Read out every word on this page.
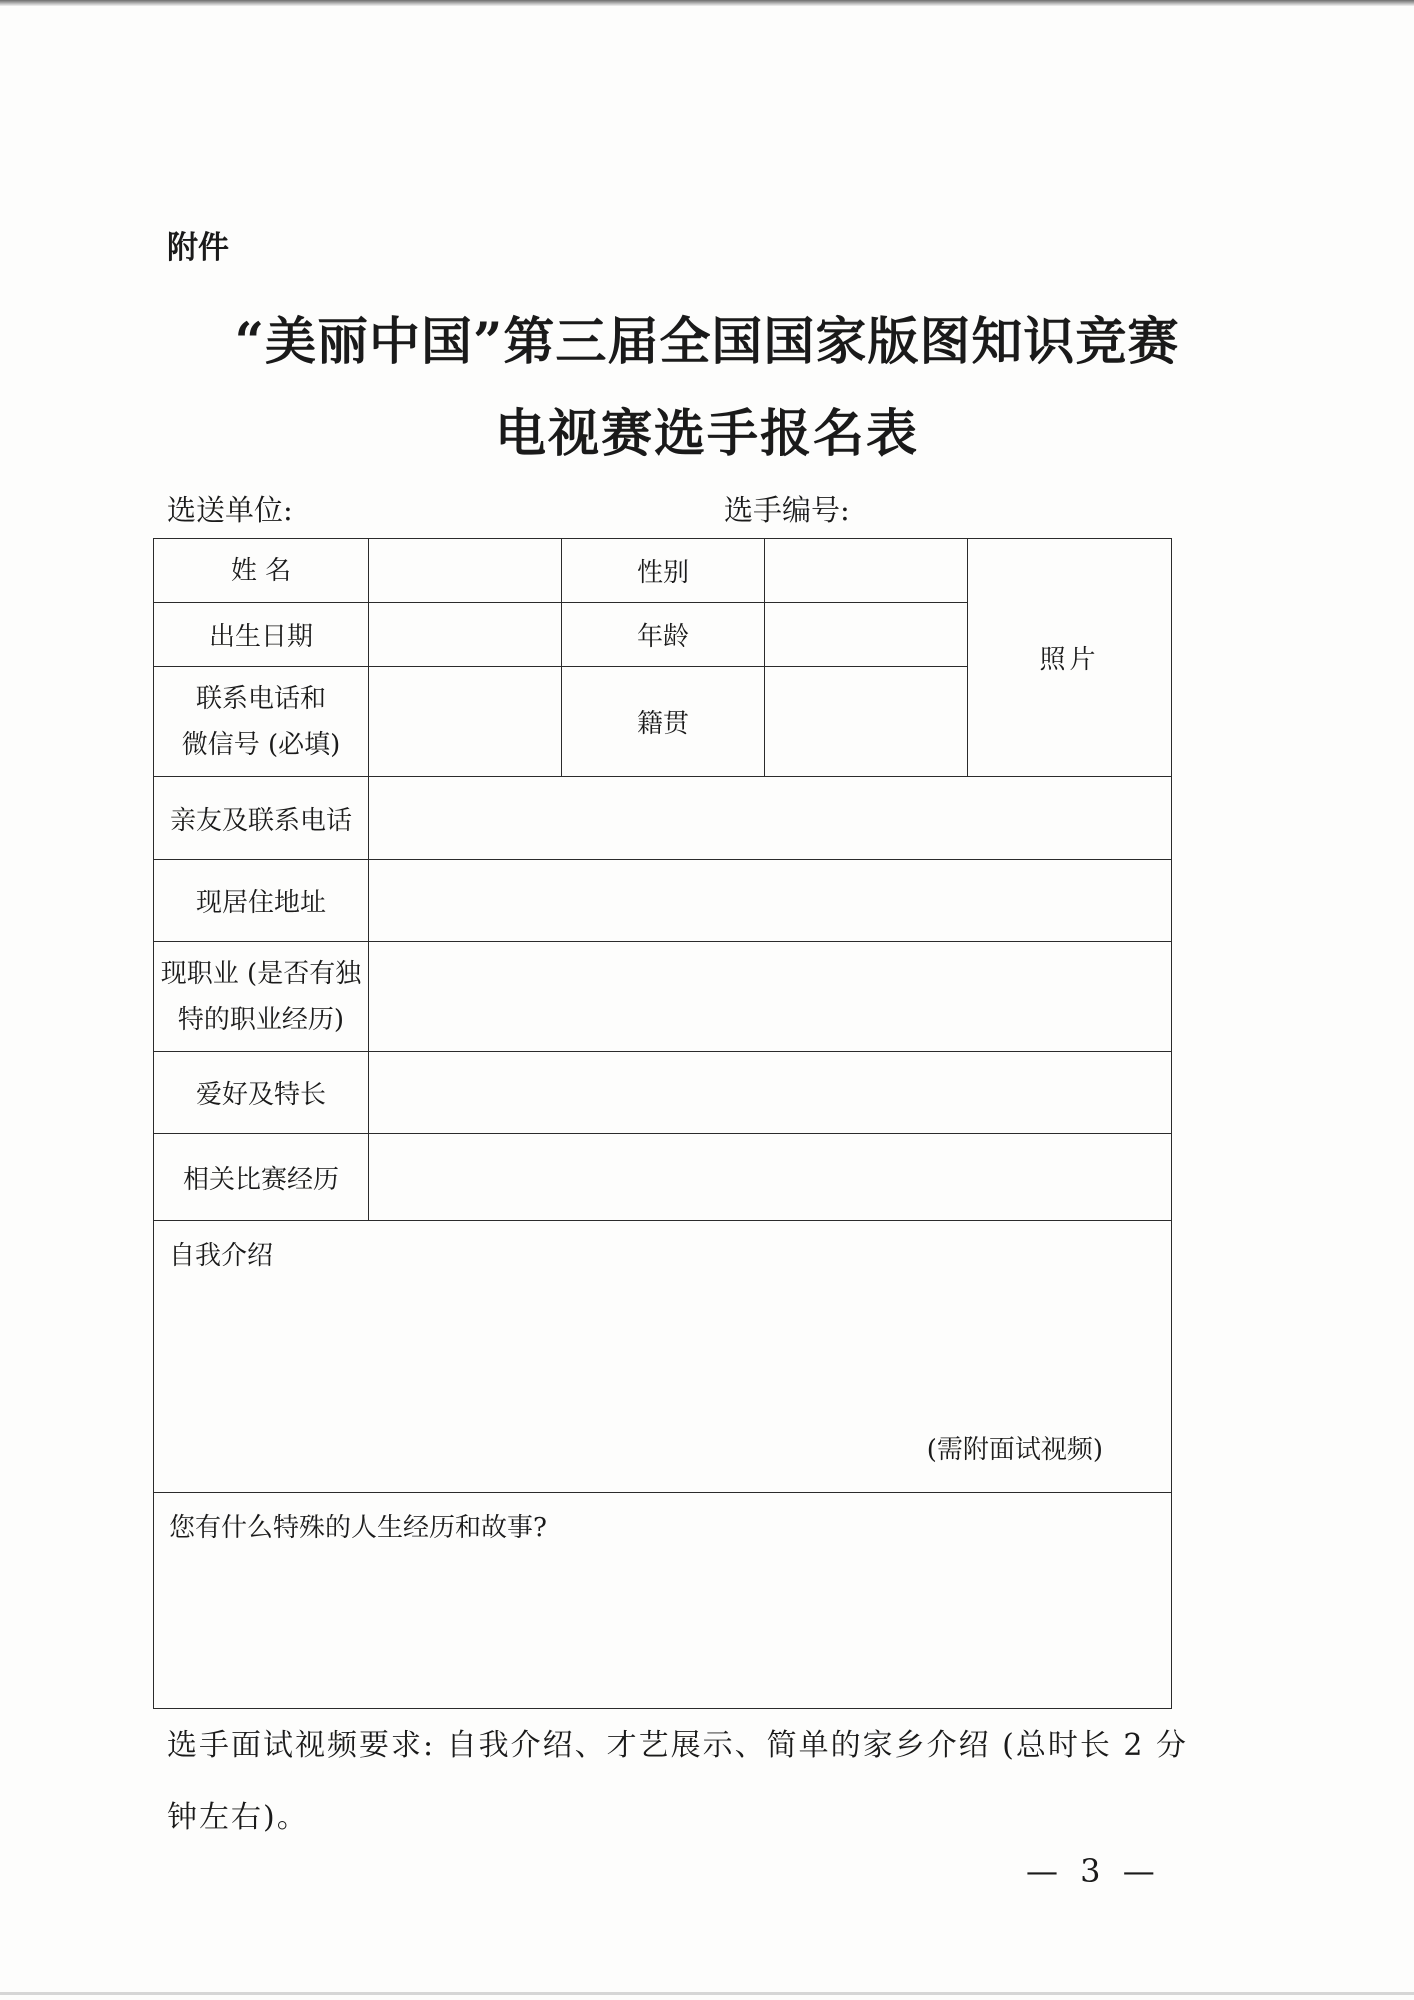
附件
“美丽中国”第三届全国国家版图知识竞赛
电视赛选手报名表
选送单位:	选手编号:
姓 名		性别		照片
出生日期		年龄		

联系电话和
微信号 (必填)		籍贯		
亲友及联系电话				
现居住地址				

现职业 (是否有独
特的职业经历)				

爱好及特长				
相关比赛经历				

自我介绍
(需附面试视频)				

您有什么特殊的人生经历和故事?				
选手面试视频要求: 自我介绍、才艺展示、简单的家乡介绍 (总时长 2 分
钟左右)。
— 3 —
